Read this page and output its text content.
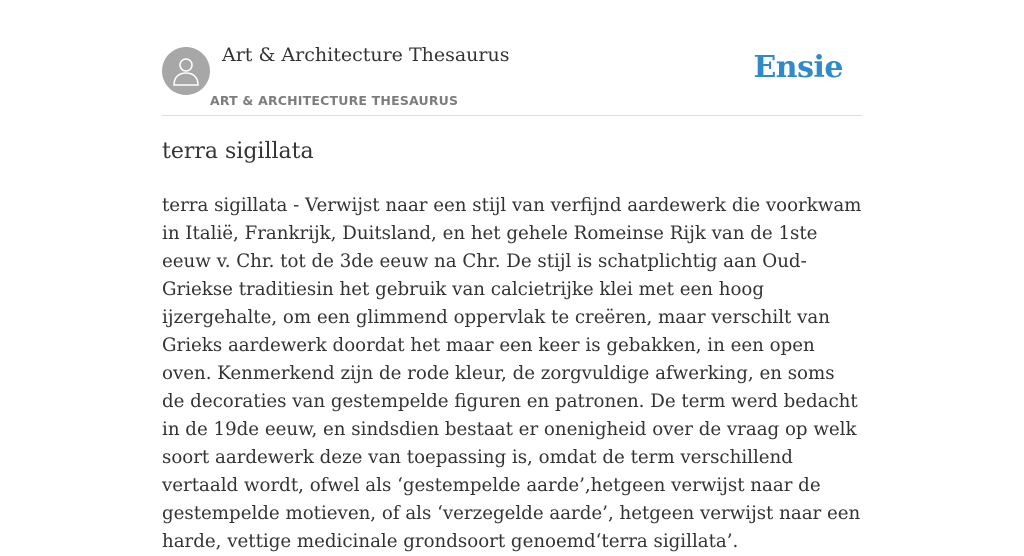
Art & Architecture Thesaurus
ART & ARCHITECTURE THESAURUS
Ensie
terra sigillata

terra sigillata - Verwijst naar een stijl van verfijnd aardewerk die voorkwam in Italië, Frankrijk, Duitsland, en het gehele Romeinse Rijk van de 1ste eeuw v. Chr. tot de 3de eeuw na Chr. De stijl is schatplichtig aan Oud-Griekse traditiesin het gebruik van calcietrijke klei met een hoog ijzergehalte, om een glimmend oppervlak te creëren, maar verschilt van Grieks aardewerk doordat het maar een keer is gebakken, in een open oven. Kenmerkend zijn de rode kleur, de zorgvuldige afwerking, en soms de decoraties van gestempelde figuren en patronen. De term werd bedacht in de 19de eeuw, en sindsdien bestaat er onenigheid over de vraag op welk soort aardewerk deze van toepassing is, omdat de term verschillend vertaald wordt, ofwel als ‘gestempelde aarde’,hetgeen verwijst naar de gestempelde motieven, of als ‘verzegelde aarde’, hetgeen verwijst naar een harde, vettige medicinale grondsoort genoemd‘terra sigillata’.
